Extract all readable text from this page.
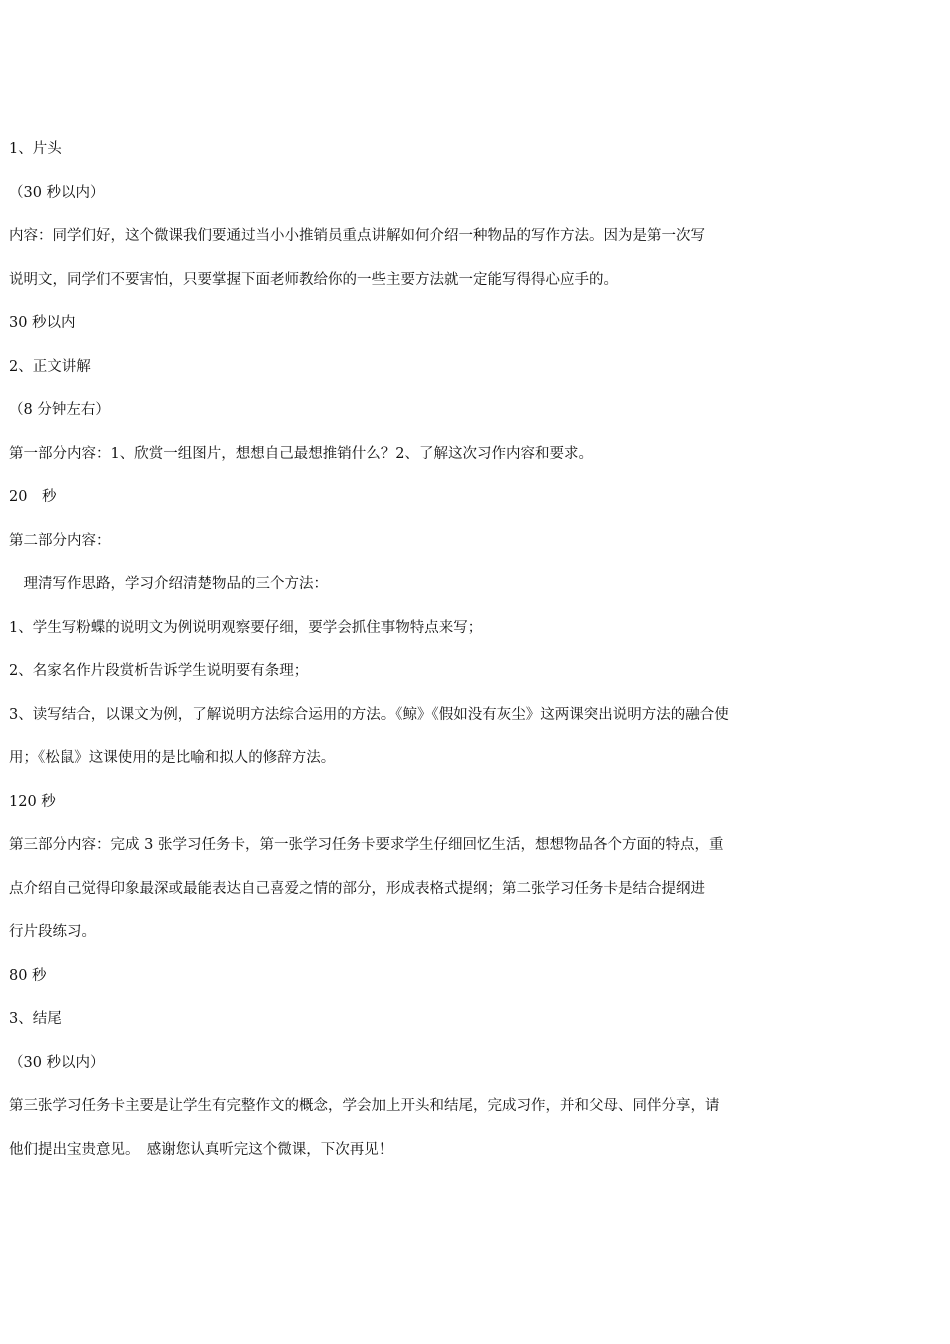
1、片头

（30 秒以内）

内容：同学们好，这个微课我们要通过当小小推销员重点讲解如何介绍一种物品的写作方法。因为是第一次写

说明文，同学们不要害怕，只要掌握下面老师教给你的一些主要方法就一定能写得得心应手的。

30 秒以内

2、正文讲解

（8 分钟左右）

第一部分内容：1、欣赏一组图片，想想自己最想推销什么？2、了解这次习作内容和要求。

20　秒

第二部分内容：

　理清写作思路，学习介绍清楚物品的三个方法：

1、学生写粉蝶的说明文为例说明观察要仔细，要学会抓住事物特点来写；

2、名家名作片段赏析告诉学生说明要有条理；

3、读写结合，以课文为例，了解说明方法综合运用的方法。《鲸》《假如没有灰尘》这两课突出说明方法的融合使

用；《松鼠》这课使用的是比喻和拟人的修辞方法。

120 秒

第三部分内容：完成 3 张学习任务卡，第一张学习任务卡要求学生仔细回忆生活，想想物品各个方面的特点，重

点介绍自己觉得印象最深或最能表达自己喜爱之情的部分，形成表格式提纲；第二张学习任务卡是结合提纲进

行片段练习。

80 秒

3、结尾

（30 秒以内）

第三张学习任务卡主要是让学生有完整作文的概念，学会加上开头和结尾，完成习作，并和父母、同伴分享，请

他们提出宝贵意见。　感谢您认真听完这个微课，下次再见！
